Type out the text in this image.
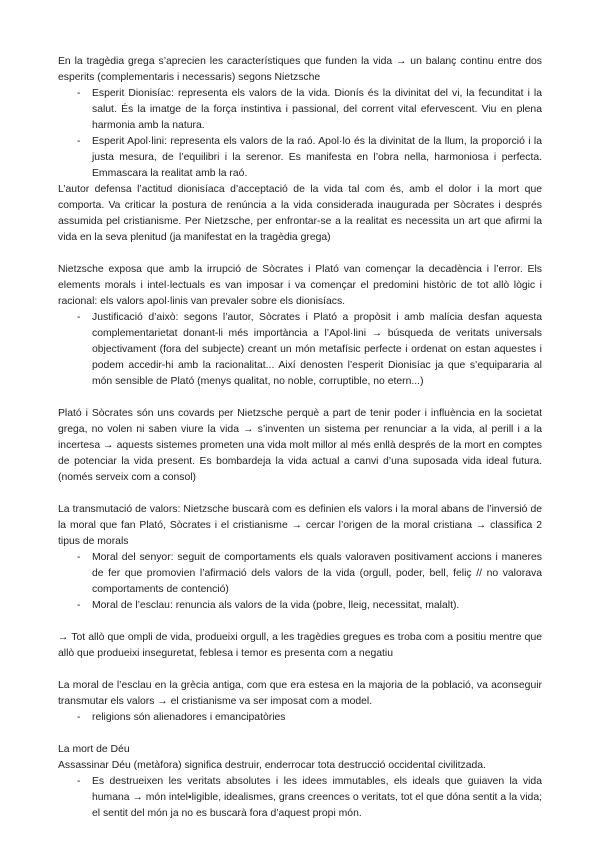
En la tragèdia grega s’aprecien les característiques que funden la vida → un balanç continu entre dos esperits (complementaris i necessaris) segons Nietzsche

- Esperit Dionisíac: representa els valors de la vida. Dionís és la divinitat del vi, la fecunditat i la salut. És la imatge de la força instintiva i passional, del corrent vital efervescent. Viu en plena harmonia amb la natura.
- Esperit Apol·lini: representa els valors de la raó. Apol·lo és la divinitat de la llum, la proporció i la justa mesura, de l’equilibri i la serenor. Es manifesta en l’obra nella, harmoniosa i perfecta. Emmascara la realitat amb la raó.

L’autor defensa l’actitud dionisíaca d’acceptació de la vida tal com és, amb el dolor i la mort que comporta. Va criticar la postura de renúncia a la vida considerada inaugurada per Sòcrates i després assumida pel cristianisme. Per Nietzsche, per enfrontar-se a la realitat es necessita un art que afirmi la vida en la seva plenitud (ja manifestat en la tragèdia grega)

Nietzsche exposa que amb la irrupció de Sòcrates i Plató van començar la decadència i l’error. Els elements morals i intel·lectuals es van imposar i va començar el predomini històric de tot allò lògic i racional: els valors apol·linis van prevaler sobre els dionisíacs.

- Justificació d’això: segons l’autor, Sòcrates i Plató a propòsit i amb malícia desfan aquesta complementarietat donant-li més importància a l’Apol·lini → búsqueda de veritats universals objectivament (fora del subjecte) creant un món metafísic perfecte i ordenat on estan aquestes i podem accedir-hi amb la racionalitat... Així denosten l’esperit Dionisíac ja que s’equipararia al món sensible de Plató (menys qualitat, no noble, corruptible, no etern...)

Plató i Sòcrates són uns covards per Nietzsche perquè a part de tenir poder i influència en la societat grega, no volen ni saben viure la vida → s’inventen un sistema per renunciar a la vida, al perill i a la incertesa → aquests sistemes prometen una vida molt millor al més enllà després de la mort en comptes de potenciar la vida present. Es bombardeja la vida actual a canvi d’una suposada vida ideal futura. (només serveix com a consol)

La transmutació de valors: Nietzsche buscarà com es definien els valors i la moral abans de l’inversió de la moral que fan Plató, Sòcrates i el cristianisme → cercar l’origen de la moral cristiana → classifica 2 tipus de morals

- Moral del senyor: seguit de comportaments els quals valoraven positivament accions i maneres de fer que promovien l’afirmació dels valors de la vida (orgull, poder, bell, feliç // no valorava comportaments de contenció)
- Moral de l’esclau: renuncia als valors de la vida (pobre, lleig, necessitat, malalt).

→ Tot allò que ompli de vida, produeixi orgull, a les tragèdies gregues es troba com a positiu mentre que allò que produeixi inseguretat, feblesa i temor es presenta com a negatiu

La moral de l’esclau en la grècia antiga, com que era estesa en la majoria de la població, va aconseguir transmutar els valors → el cristianisme va ser imposat com a model.

- religions són alienadores i emancipatòries

La mort de Déu

Assassinar Déu (metàfora) significa destruir, enderrocar tota destrucció occidental civilitzada.

- Es destrueixen les veritats absolutes i les idees immutables, els ideals que guiaven la vida humana → món intel•ligible, idealismes, grans creences o veritats, tot el que dóna sentit a la vida; el sentit del món ja no es buscarà fora d’aquest propi món.
